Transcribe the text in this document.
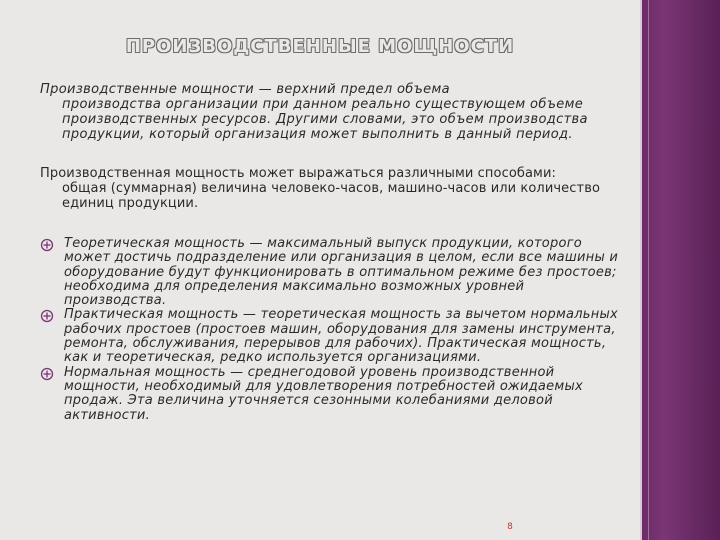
ПРОИЗВОДСТВЕННЫЕ МОЩНОСТИ

Производственные мощности — верхний предел объема
производства организации при данном реально существующем объеме производственных ресурсов. Другими словами, это объем производства продукции, который организация может выполнить в данный период.

Производственная мощность может выражаться различными способами:
общая (суммарная) величина человеко-часов, машино-часов или количество единиц продукции.

Теоретическая мощность — максимальный выпуск продукции, которого может достичь подразделение или организация в целом, если все машины и оборудование будут функционировать в оптимальном режиме без простоев; необходима для определения максимально возможных уровней производства.
Практическая мощность — теоретическая мощность за вычетом нормальных рабочих простоев (простоев машин, оборудования для замены инструмента, ремонта, обслуживания, перерывов для рабочих). Практическая мощность, как и теоретическая, редко используется организациями.
Нормальная мощность — среднегодовой уровень производственной мощности, необходимый для удовлетворения потребностей ожидаемых продаж. Эта величина уточняется сезонными колебаниями деловой активности.
8
